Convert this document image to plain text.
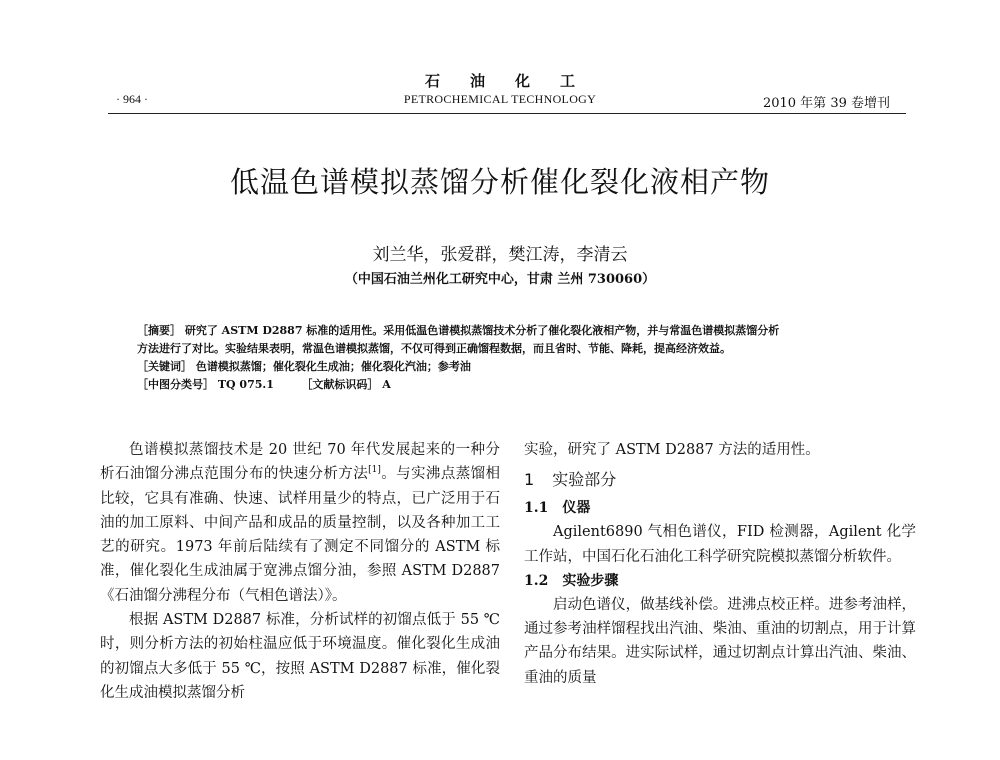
石油化工
PETROCHEMICAL TECHNOLOGY
· 964 ·	2010 年第 39 卷增刊
低温色谱模拟蒸馏分析催化裂化液相产物
刘兰华，张爱群，樊江涛，李清云
（中国石油兰州化工研究中心，甘肃 兰州 730060）
［摘要］ 研究了 ASTM D2887 标准的适用性。采用低温色谱模拟蒸馏技术分析了催化裂化液相产物，并与常温色谱模拟蒸馏分析
方法进行了对比。实验结果表明，常温色谱模拟蒸馏，不仅可得到正确馏程数据，而且省时、节能、降耗，提高经济效益。
［关键词］ 色谱模拟蒸馏；催化裂化生成油；催化裂化汽油；参考油
［中图分类号］ TQ 075.1　　　［文献标识码］ A

色谱模拟蒸馏技术是 20 世纪 70 年代发展起来的一种分析石油馏分沸点范围分布的快速分析方法[1]。与实沸点蒸馏相比较，它具有准确、快速、试样用量少的特点，已广泛用于石油的加工原料、中间产品和成品的质量控制，以及各种加工工艺的研究。1973 年前后陆续有了测定不同馏分的 ASTM 标准，催化裂化生成油属于宽沸点馏分油，参照 ASTM D2887《石油馏分沸程分布（气相色谱法）》。

根据 ASTM D2887 标准，分析试样的初馏点低于 55 ℃时，则分析方法的初始柱温应低于环境温度。催化裂化生成油的初馏点大多低于 55 ℃，按照 ASTM D2887 标准，催化裂化生成油模拟蒸馏分析

实验，研究了 ASTM D2887 方法的适用性。

1 实验部分
1.1 仪器

Agilent6890 气相色谱仪，FID 检测器，Agilent 化学工作站，中国石化石油化工科学研究院模拟蒸馏分析软件。

1.2 实验步骤

启动色谱仪，做基线补偿。进沸点校正样。进参考油样，通过参考油样馏程找出汽油、柴油、重油的切割点，用于计算产品分布结果。进实际试样，通过切割点计算出汽油、柴油、重油的质量
